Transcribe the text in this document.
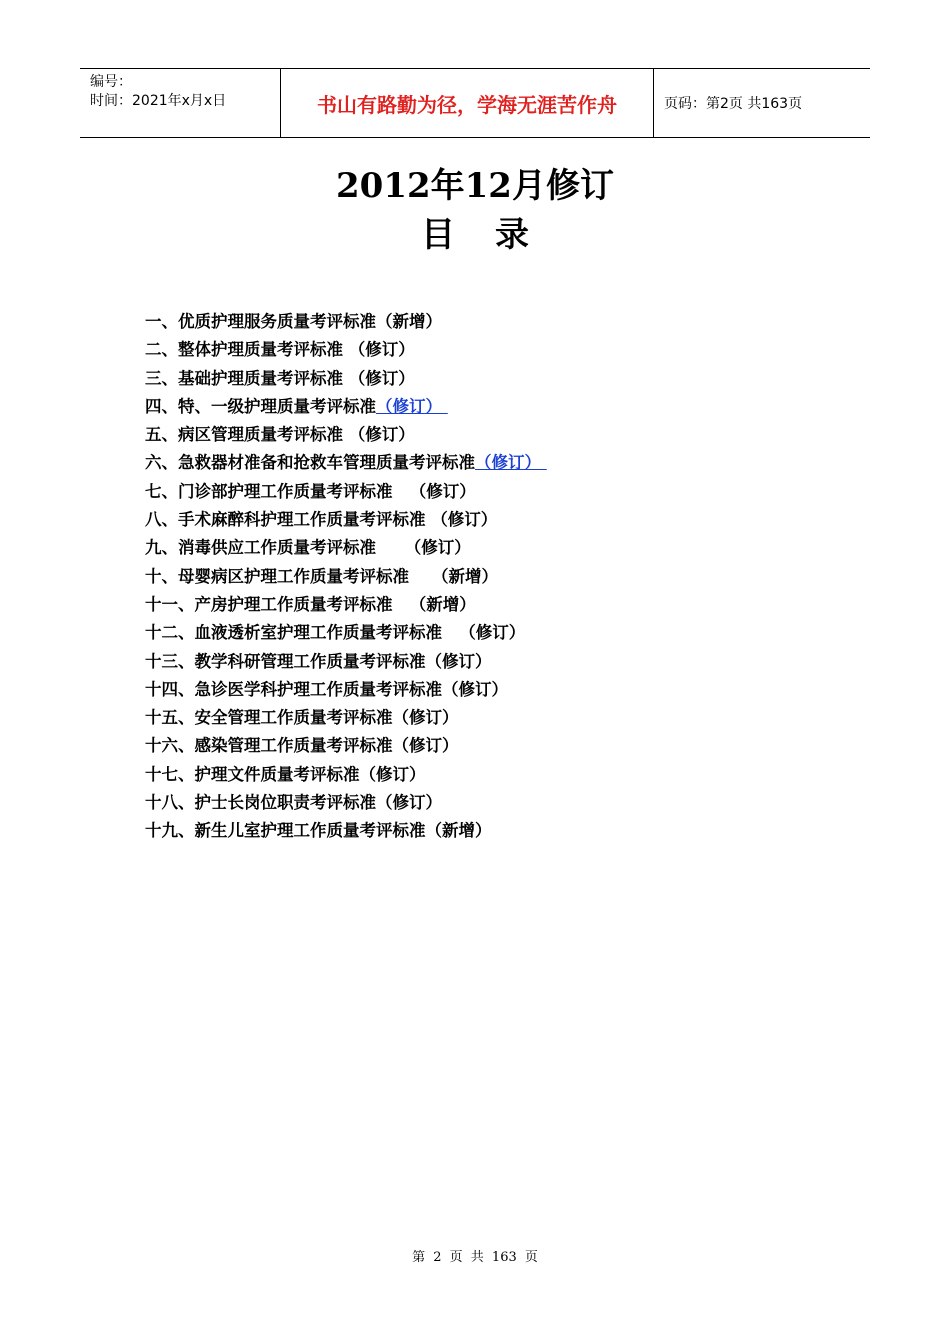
编号：
时间：2021年x月x日	书山有路勤为径，学海无涯苦作舟	页码：第2页 共163页
2012年12月修订
目录
一、优质护理服务质量考评标准（新增）
二、整体护理质量考评标准 （修订）
三、基础护理质量考评标准 （修订）
四、特、一级护理质量考评标准（修订）
五、病区管理质量考评标准 （修订）
六、急救器材准备和抢救车管理质量考评标准（修订）
七、门诊部护理工作质量考评标准   （修订）
八、手术麻醉科护理工作质量考评标准 （修订）
九、消毒供应工作质量考评标准     （修订）
十、母婴病区护理工作质量考评标准    （新增）
十一、产房护理工作质量考评标准   （新增）
十二、血液透析室护理工作质量考评标准   （修订）
十三、教学科研管理工作质量考评标准（修订）
十四、急诊医学科护理工作质量考评标准（修订）
十五、安全管理工作质量考评标准（修订）
十六、感染管理工作质量考评标准（修订）
十七、护理文件质量考评标准（修订）
十八、护士长岗位职责考评标准（修订）
十九、新生儿室护理工作质量考评标准（新增）
第 2 页 共 163 页
